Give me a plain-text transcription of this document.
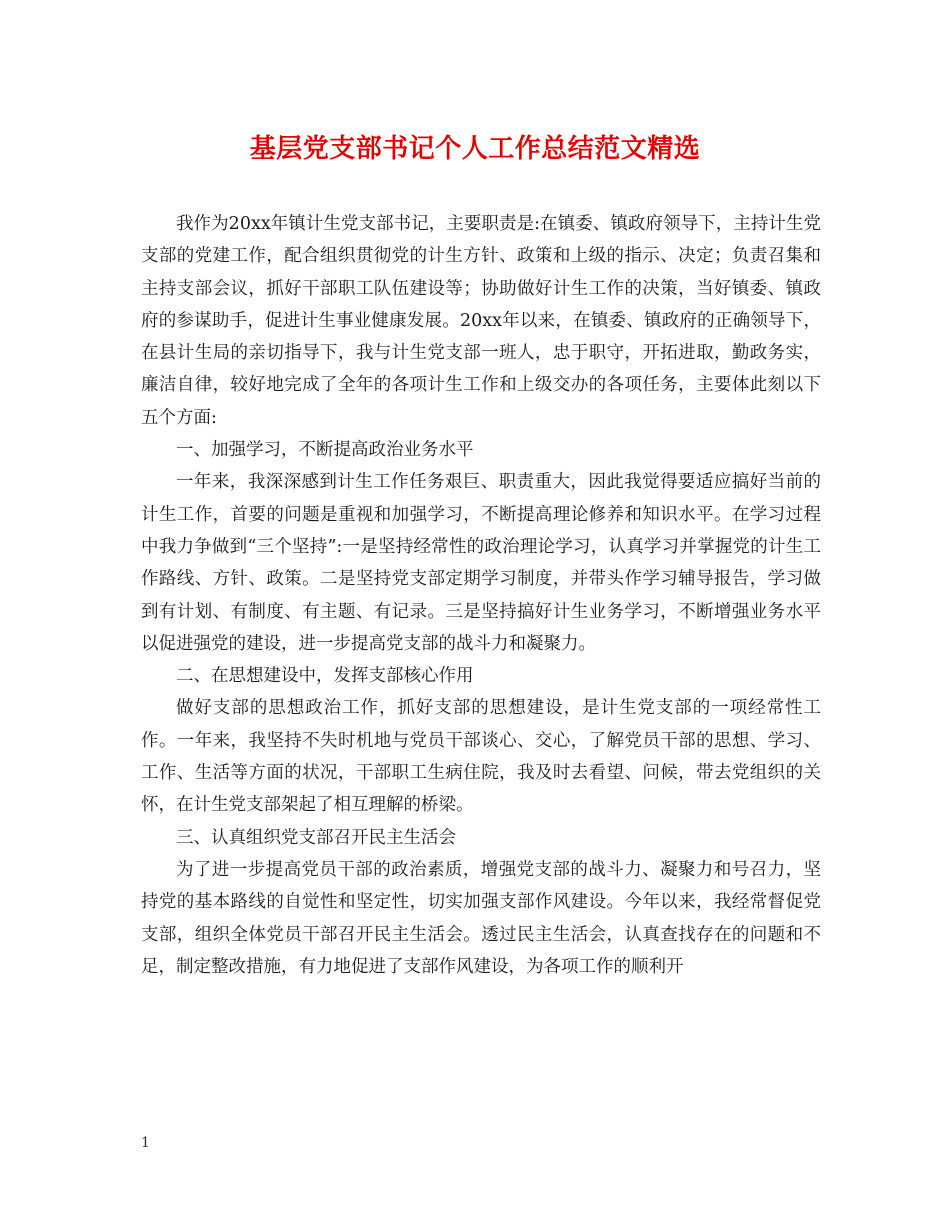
基层党支部书记个人工作总结范文精选

我作为20xx年镇计生党支部书记，主要职责是:在镇委、镇政府领导下，主持计生党支部的党建工作，配合组织贯彻党的计生方针、政策和上级的指示、决定；负责召集和主持支部会议，抓好干部职工队伍建设等；协助做好计生工作的决策，当好镇委、镇政府的参谋助手，促进计生事业健康发展。20xx年以来，在镇委、镇政府的正确领导下，在县计生局的亲切指导下，我与计生党支部一班人，忠于职守，开拓进取，勤政务实，廉洁自律，较好地完成了全年的各项计生工作和上级交办的各项任务，主要体此刻以下五个方面:

一、加强学习，不断提高政治业务水平

一年来，我深深感到计生工作任务艰巨、职责重大，因此我觉得要适应搞好当前的计生工作，首要的问题是重视和加强学习，不断提高理论修养和知识水平。在学习过程中我力争做到“三个坚持”:一是坚持经常性的政治理论学习，认真学习并掌握党的计生工作路线、方针、政策。二是坚持党支部定期学习制度，并带头作学习辅导报告，学习做到有计划、有制度、有主题、有记录。三是坚持搞好计生业务学习，不断增强业务水平以促进强党的建设，进一步提高党支部的战斗力和凝聚力。

二、在思想建设中，发挥支部核心作用

做好支部的思想政治工作，抓好支部的思想建设，是计生党支部的一项经常性工作。一年来，我坚持不失时机地与党员干部谈心、交心，了解党员干部的思想、学习、工作、生活等方面的状况，干部职工生病住院，我及时去看望、问候，带去党组织的关怀，在计生党支部架起了相互理解的桥梁。

三、认真组织党支部召开民主生活会

为了进一步提高党员干部的政治素质，增强党支部的战斗力、凝聚力和号召力，坚持党的基本路线的自觉性和坚定性，切实加强支部作风建设。今年以来，我经常督促党支部，组织全体党员干部召开民主生活会。透过民主生活会，认真查找存在的问题和不足，制定整改措施，有力地促进了支部作风建设，为各项工作的顺利开

1
